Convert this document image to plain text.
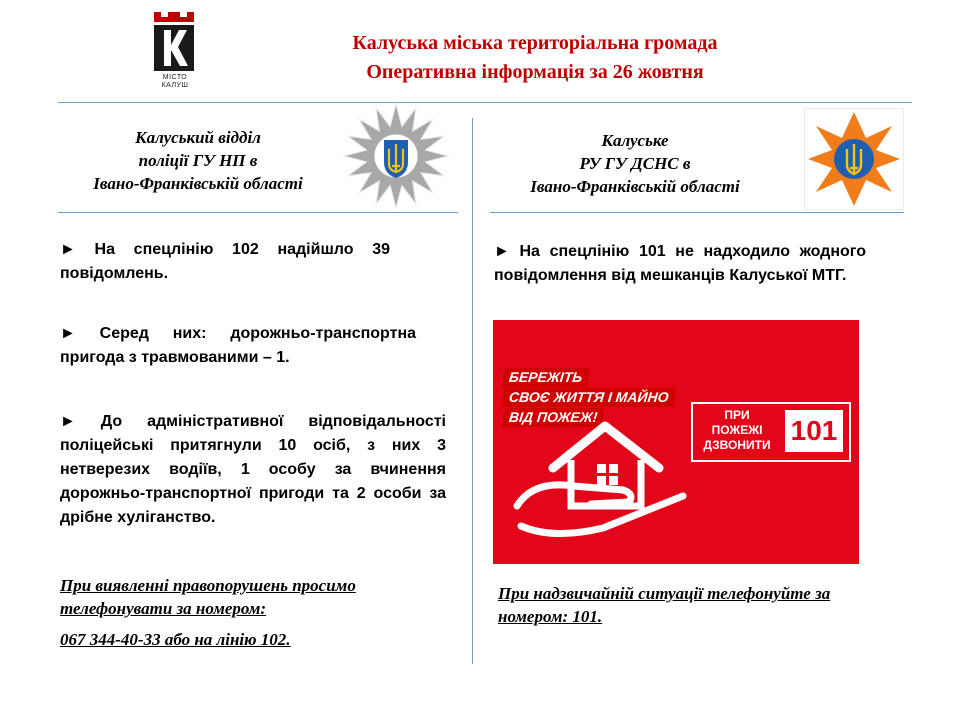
МІСТО
КАЛУШ
Калуська міська територіальна громада
Оперативна інформація за 26 жовтня
Калуський відділ
поліції ГУ НП в
Івано-Франківській області
► На спецлінію 102 надійшло 39 повідомлень.
► Серед них: дорожньо-транспортна пригода з травмованими – 1.
► До адміністративної відповідальності поліцейські притягнули 10 осіб, з них 3 нетверезих водіїв, 1 особу за вчинення дорожньо-транспортної пригоди та 2 особи за дрібне хуліганство.
При виявленні правопорушень просимо телефонувати за номером:
067 344-40-33 або на лінію 102.
Калуське
РУ ГУ ДСНС в
Івано-Франківській області
► На спецлінію 101 не надходило жодного повідомлення від мешканців Калуської МТГ.
БЕРЕЖІТЬ
СВОЄ ЖИТТЯ І МАЙНО
ВІД ПОЖЕЖ!	ПРИ
ПОЖЕЖІ
ДЗВОНИТИ 101
При надзвичайній ситуації телефонуйте за номером: 101.
